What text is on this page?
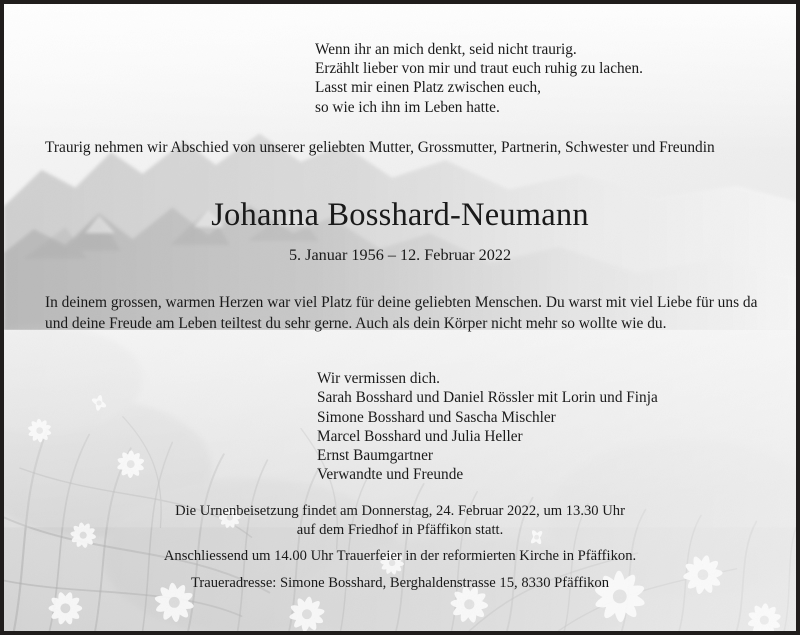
Wenn ihr an mich denkt, seid nicht traurig.
Erzählt lieber von mir und traut euch ruhig zu lachen.
Lasst mir einen Platz zwischen euch,
so wie ich ihn im Leben hatte.
Traurig nehmen wir Abschied von unserer geliebten Mutter, Grossmutter, Partnerin, Schwester und Freundin
Johanna Bosshard-Neumann
5. Januar 1956 – 12. Februar 2022
In deinem grossen, warmen Herzen war viel Platz für deine geliebten Menschen. Du warst mit viel Liebe für uns da und deine Freude am Leben teiltest du sehr gerne. Auch als dein Körper nicht mehr so wollte wie du.
Wir vermissen dich.
Sarah Bosshard und Daniel Rössler mit Lorin und Finja
Simone Bosshard und Sascha Mischler
Marcel Bosshard und Julia Heller
Ernst Baumgartner
Verwandte und Freunde
Die Urnenbeisetzung findet am Donnerstag, 24. Februar 2022, um 13.30 Uhr
auf dem Friedhof in Pfäffikon statt.
Anschliessend um 14.00 Uhr Trauerfeier in der reformierten Kirche in Pfäffikon.
Traueradresse: Simone Bosshard, Berghaldenstrasse 15, 8330 Pfäffikon
